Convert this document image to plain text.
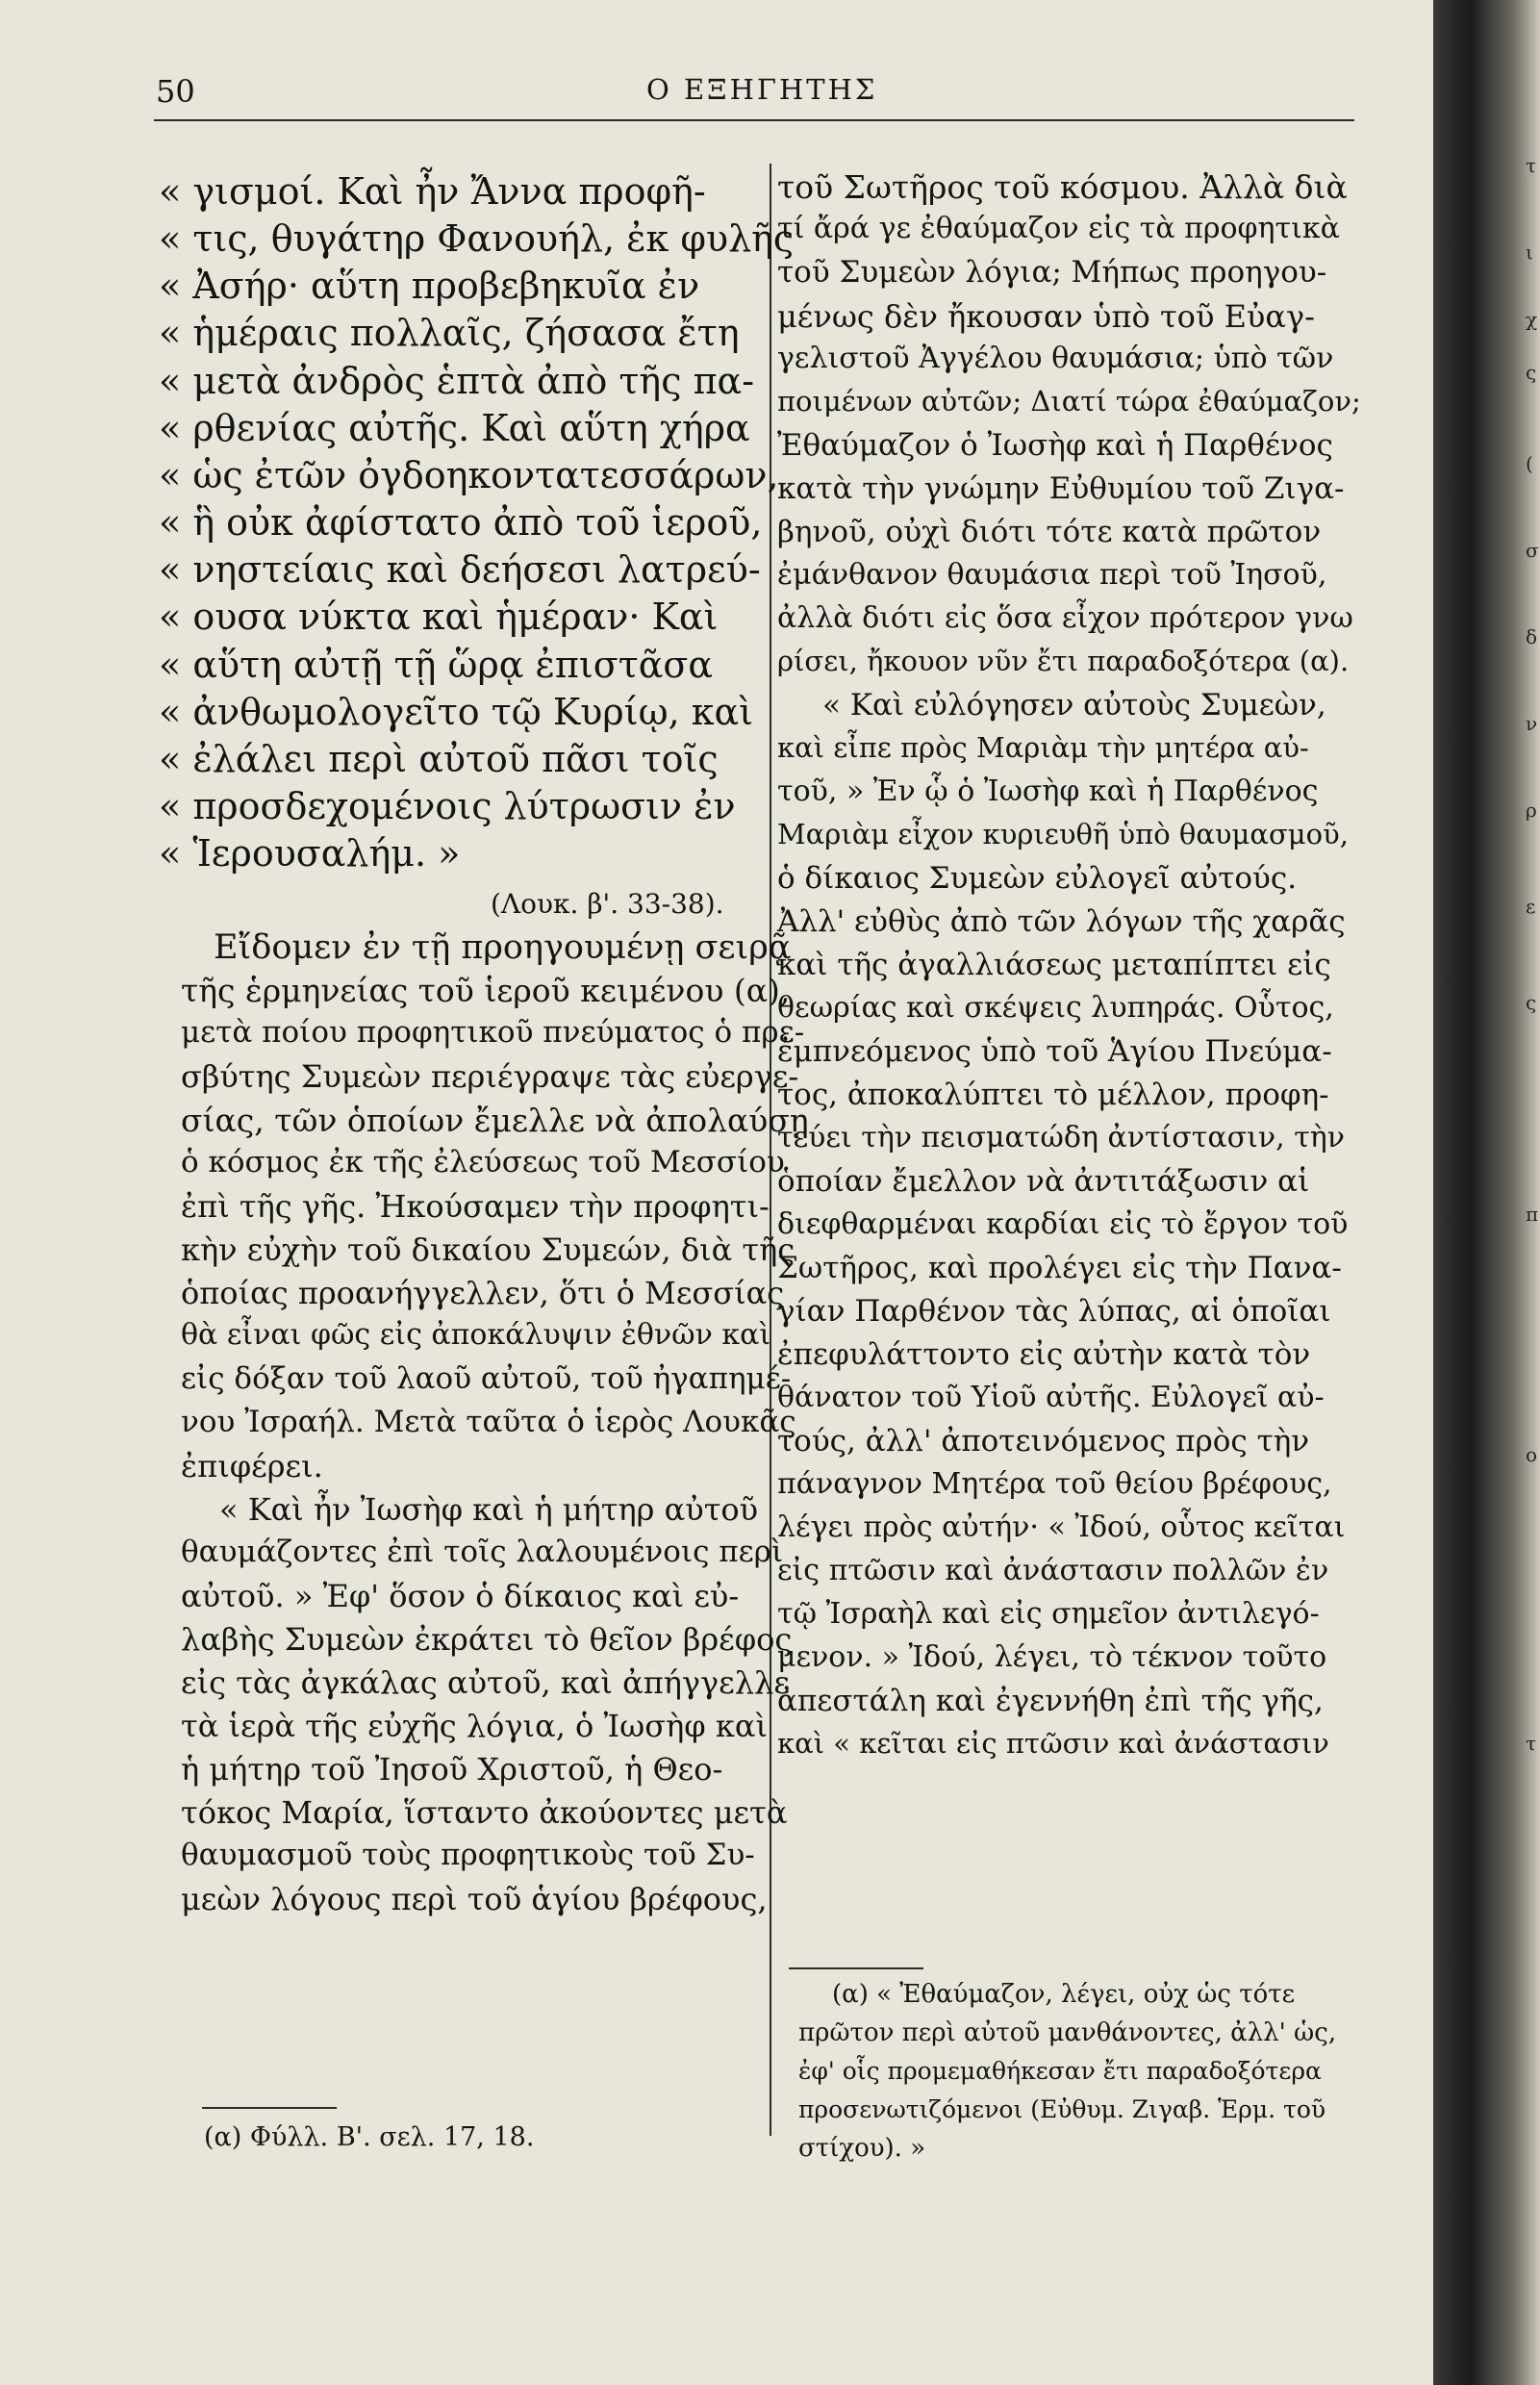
50	Ο ΕΞΗΓΗΤΗΣ
« γισμοί. Καὶ ἦν Ἄννα προφῆ-
« τις, θυγάτηρ Φανουήλ, ἐκ φυλῆς
« Ἀσήρ· αὕτη προβεβηκυῖα ἐν
« ἡμέραις πολλαῖς, ζήσασα ἔτη
« μετὰ ἀνδρὸς ἑπτὰ ἀπὸ τῆς πα-
« ρθενίας αὐτῆς. Καὶ αὕτη χήρα
« ὡς ἐτῶν ὀγδοηκοντατεσσάρων,
« ἣ οὐκ ἀφίστατο ἀπὸ τοῦ ἱεροῦ,
« νηστείαις καὶ δεήσεσι λατρεύ-
« ουσα νύκτα καὶ ἡμέραν· Καὶ
« αὕτη αὐτῇ τῇ ὥρᾳ ἐπιστᾶσα
« ἀνθωμολογεῖτο τῷ Κυρίῳ, καὶ
« ἐλάλει περὶ αὐτοῦ πᾶσι τοῖς
« προσδεχομένοις λύτρωσιν ἐν
« Ἱερουσαλήμ. »
(Λουκ. β'. 33-38).
Εἴδομεν ἐν τῇ προηγουμένῃ σειρᾷ
τῆς ἑρμηνείας τοῦ ἱεροῦ κειμένου (α),
μετὰ ποίου προφητικοῦ πνεύματος ὁ πρε-
σβύτης Συμεὼν περιέγραψε τὰς εὐεργε-
σίας, τῶν ὁποίων ἔμελλε νὰ ἀπολαύσῃ
ὁ κόσμος ἐκ τῆς ἐλεύσεως τοῦ Μεσσίου
ἐπὶ τῆς γῆς. Ἠκούσαμεν τὴν προφητι-
κὴν εὐχὴν τοῦ δικαίου Συμεών, διὰ τῆς
ὁποίας προανήγγελλεν, ὅτι ὁ Μεσσίας
θὰ εἶναι φῶς εἰς ἀποκάλυψιν ἐθνῶν καὶ
εἰς δόξαν τοῦ λαοῦ αὐτοῦ, τοῦ ἠγαπημέ-
νου Ἰσραήλ. Μετὰ ταῦτα ὁ ἱερὸς Λουκᾶς
ἐπιφέρει.
« Καὶ ἦν Ἰωσὴφ καὶ ἡ μήτηρ αὐτοῦ
θαυμάζοντες ἐπὶ τοῖς λαλουμένοις περὶ
αὐτοῦ. » Ἐφ' ὅσον ὁ δίκαιος καὶ εὐ-
λαβὴς Συμεὼν ἐκράτει τὸ θεῖον βρέφος
εἰς τὰς ἀγκάλας αὐτοῦ, καὶ ἀπήγγελλε
τὰ ἱερὰ τῆς εὐχῆς λόγια, ὁ Ἰωσὴφ καὶ
ἡ μήτηρ τοῦ Ἰησοῦ Χριστοῦ, ἡ Θεο-
τόκος Μαρία, ἵσταντο ἀκούοντες μετὰ
θαυμασμοῦ τοὺς προφητικοὺς τοῦ Συ-
μεὼν λόγους περὶ τοῦ ἁγίου βρέφους,
(α) Φύλλ. Β'. σελ. 17, 18.
τοῦ Σωτῆρος τοῦ κόσμου. Ἀλλὰ διὰ
τί ἄρά γε ἐθαύμαζον εἰς τὰ προφητικὰ
τοῦ Συμεὼν λόγια; Μήπως προηγου-
μένως δὲν ἤκουσαν ὑπὸ τοῦ Εὐαγ-
γελιστοῦ Ἀγγέλου θαυμάσια; ὑπὸ τῶν
ποιμένων αὐτῶν; Διατί τώρα ἐθαύμαζον;
Ἐθαύμαζον ὁ Ἰωσὴφ καὶ ἡ Παρθένος
κατὰ τὴν γνώμην Εὐθυμίου τοῦ Ζιγα-
βηνοῦ, οὐχὶ διότι τότε κατὰ πρῶτον
ἐμάνθανον θαυμάσια περὶ τοῦ Ἰησοῦ,
ἀλλὰ διότι εἰς ὅσα εἶχον πρότερον γνω
ρίσει, ἤκουον νῦν ἔτι παραδοξότερα (α).
« Καὶ εὐλόγησεν αὐτοὺς Συμεὼν,
καὶ εἶπε πρὸς Μαριὰμ τὴν μητέρα αὐ-
τοῦ, » Ἐν ᾧ ὁ Ἰωσὴφ καὶ ἡ Παρθένος
Μαριὰμ εἶχον κυριευθῆ ὑπὸ θαυμασμοῦ,
ὁ δίκαιος Συμεὼν εὐλογεῖ αὐτούς.
Ἀλλ' εὐθὺς ἀπὸ τῶν λόγων τῆς χαρᾶς
καὶ τῆς ἀγαλλιάσεως μεταπίπτει εἰς
θεωρίας καὶ σκέψεις λυπηράς. Οὗτος,
ἐμπνεόμενος ὑπὸ τοῦ Ἁγίου Πνεύμα-
τος, ἀποκαλύπτει τὸ μέλλον, προφη-
τεύει τὴν πεισματώδη ἀντίστασιν, τὴν
ὁποίαν ἔμελλον νὰ ἀντιτάξωσιν αἱ
διεφθαρμέναι καρδίαι εἰς τὸ ἔργον τοῦ
Σωτῆρος, καὶ προλέγει εἰς τὴν Πανα-
γίαν Παρθένον τὰς λύπας, αἱ ὁποῖαι
ἐπεφυλάττοντο εἰς αὐτὴν κατὰ τὸν
θάνατον τοῦ Υἱοῦ αὐτῆς. Εὐλογεῖ αὐ-
τούς, ἀλλ' ἀποτεινόμενος πρὸς τὴν
πάναγνον Μητέρα τοῦ θείου βρέφους,
λέγει πρὸς αὐτήν· « Ἰδού, οὗτος κεῖται
εἰς πτῶσιν καὶ ἀνάστασιν πολλῶν ἐν
τῷ Ἰσραὴλ καὶ εἰς σημεῖον ἀντιλεγό-
μενον. » Ἰδού, λέγει, τὸ τέκνον τοῦτο
ἀπεστάλη καὶ ἐγεννήθη ἐπὶ τῆς γῆς,
καὶ « κεῖται εἰς πτῶσιν καὶ ἀνάστασιν
(α) « Ἐθαύμαζον, λέγει, οὐχ ὡς τότε
πρῶτον περὶ αὐτοῦ μανθάνοντες, ἀλλ' ὡς,
ἐφ' οἷς προμεμαθήκεσαν ἔτι παραδοξότερα
προσενωτιζόμενοι (Εὐθυμ. Ζιγαβ. Ἑρμ. τοῦ
στίχου). »
τ
ι
χ
ς
(
σ
δ
ν
ρ
ε
ς
π
ο
τ
